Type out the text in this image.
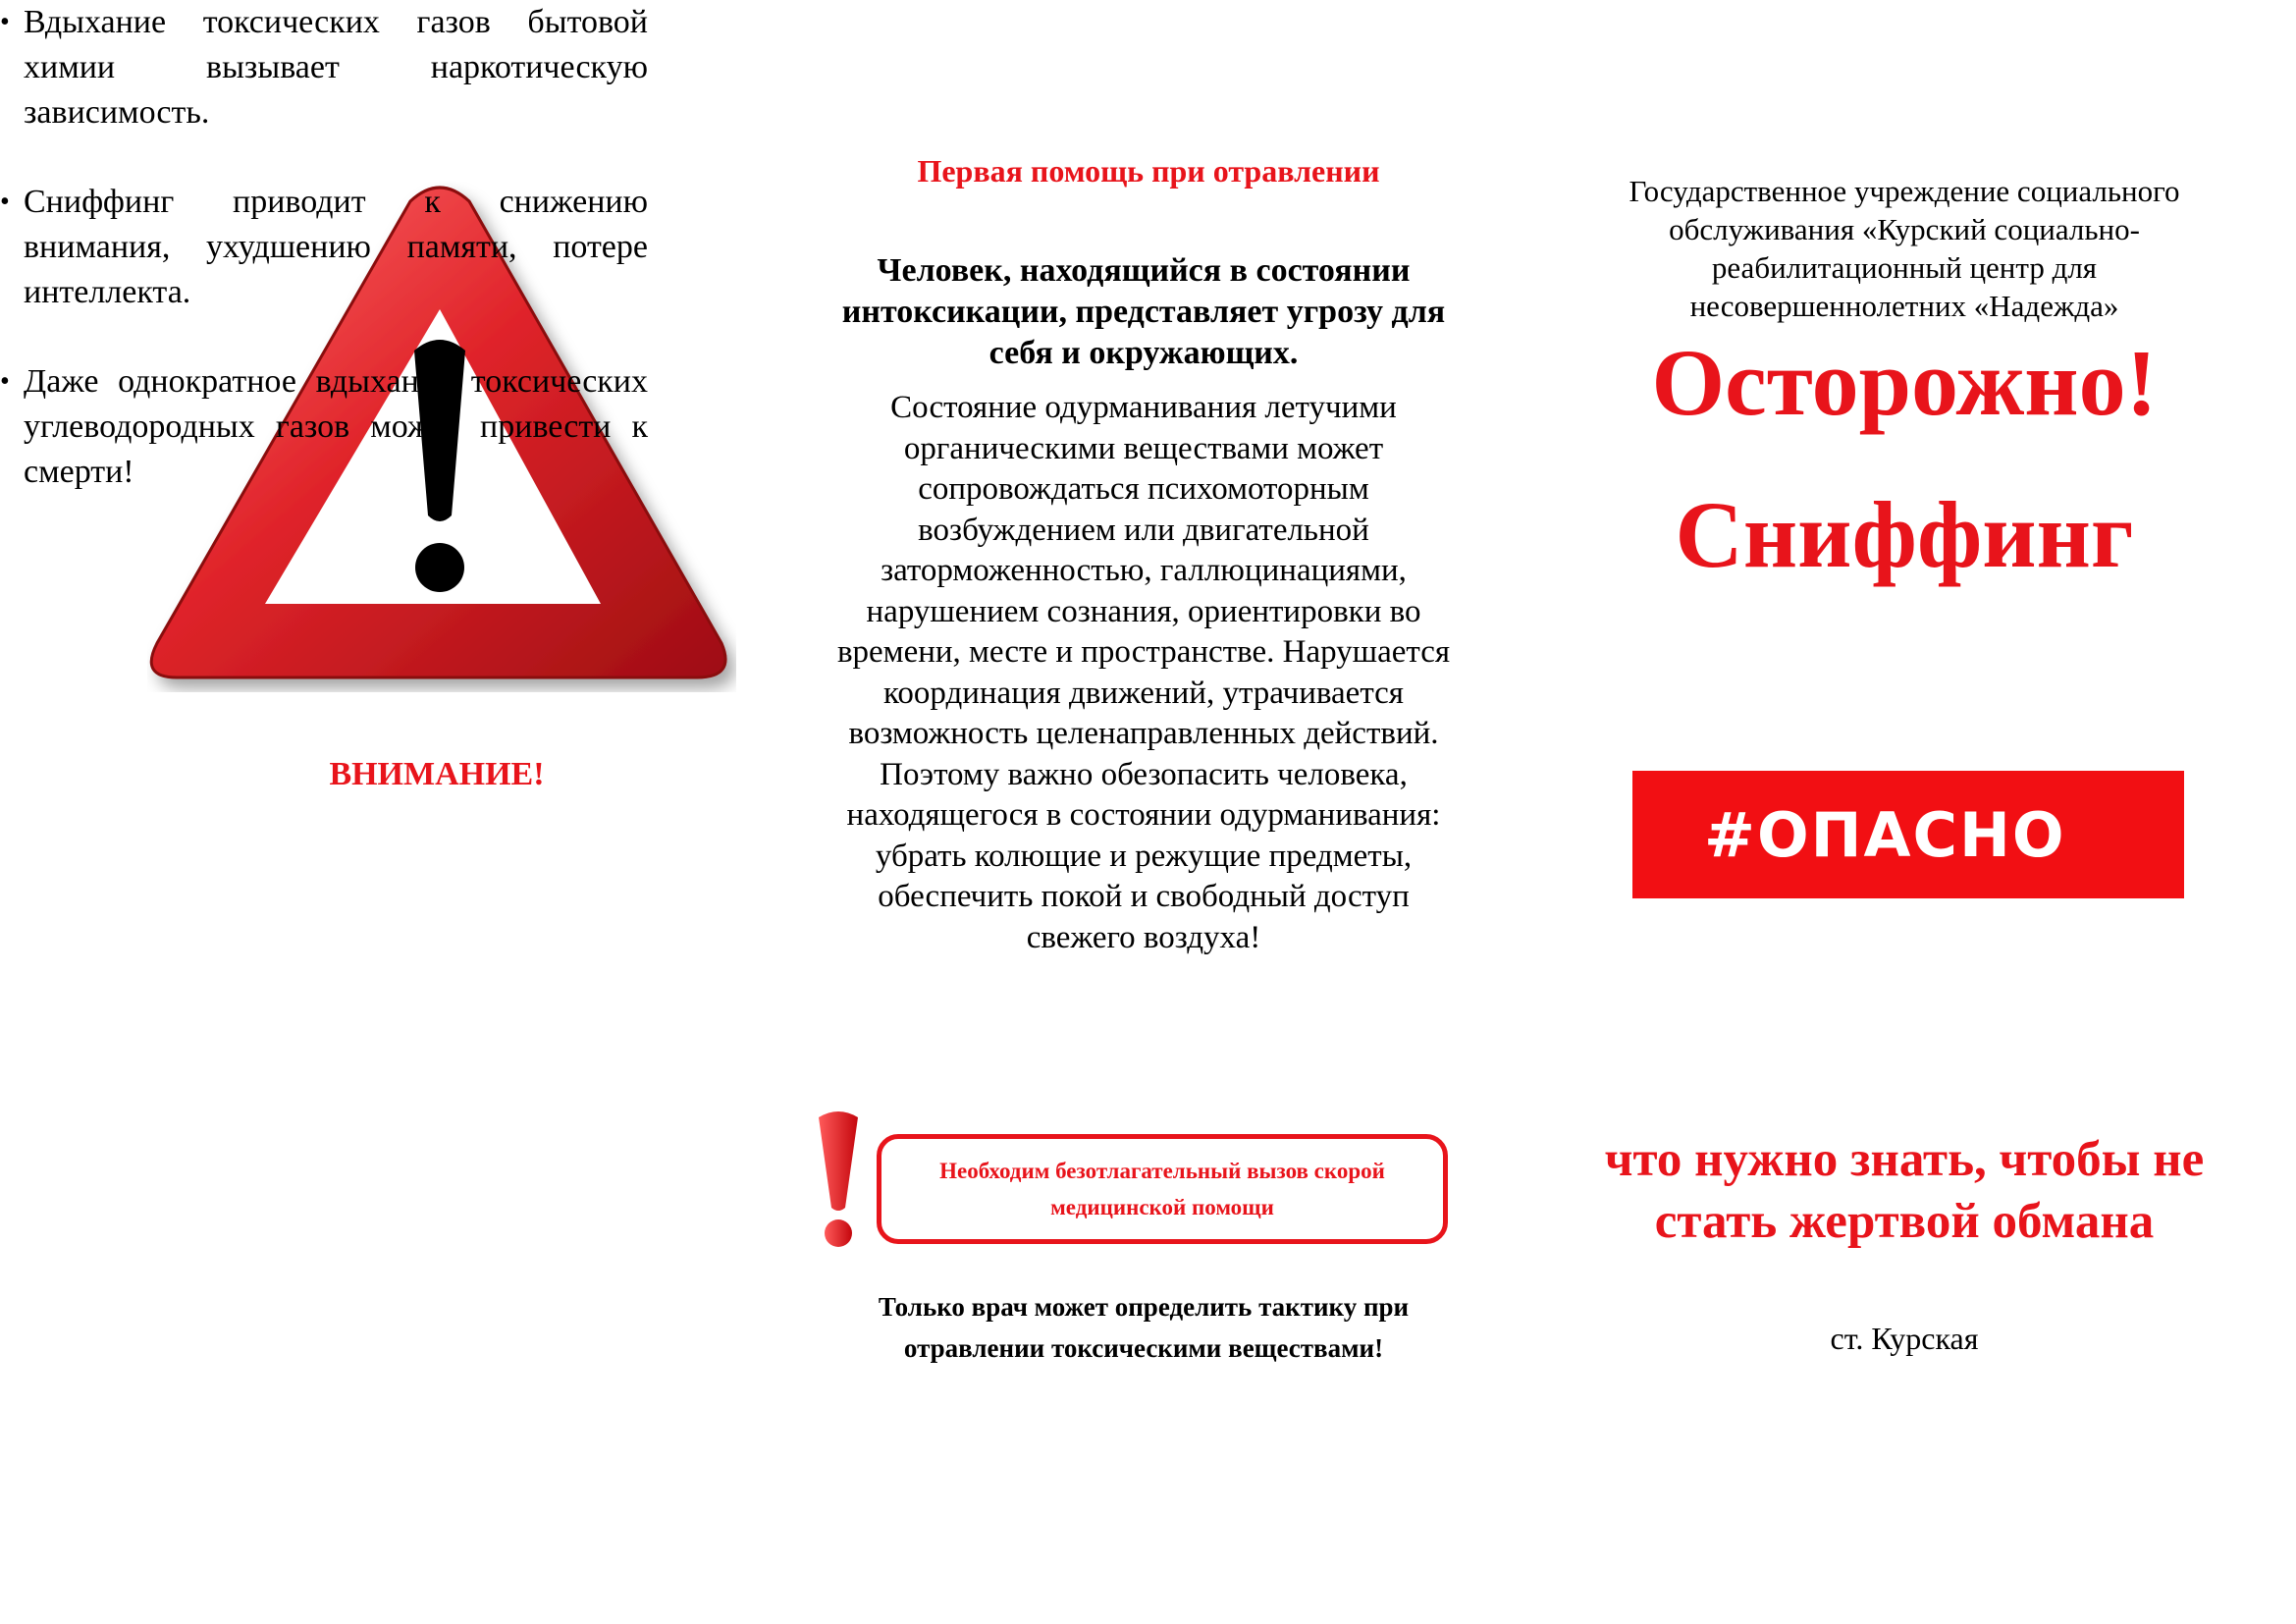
ВНИМАНИЕ!
• Вдыхание токсических газов бытовой химии вызывает наркотическую зависимость.
• Сниффинг приводит к снижению внимания, ухудшению памяти, потере интеллекта.
• Даже однократное вдыхание токсических углеводородных газов может привести к смерти!
Первая помощь при отравлении
Человек, находящийся в состоянии интоксикации, представляет угрозу для себя и окружающих.
Состояние одурманивания летучими органическими веществами может сопровождаться психомоторным возбуждением или двигательной заторможенностью, галлюцинациями, нарушением сознания, ориентировки во времени, месте и пространстве. Нарушается координация движений, утрачивается возможность целенаправленных действий. Поэтому важно обезопасить человека, находящегося в состоянии одурманивания: убрать колющие и режущие предметы, обеспечить покой и свободный доступ свежего воздуха!
Необходим безотлагательный вызов скорой медицинской помощи
Только врач может определить тактику при отравлении токсическими веществами!
Государственное учреждение социального обслуживания «Курский социально-реабилитационный центр для несовершеннолетних «Надежда»
Осторожно!
Сниффинг
#ОПАСНО
что нужно знать, чтобы не стать жертвой обмана
ст. Курская
